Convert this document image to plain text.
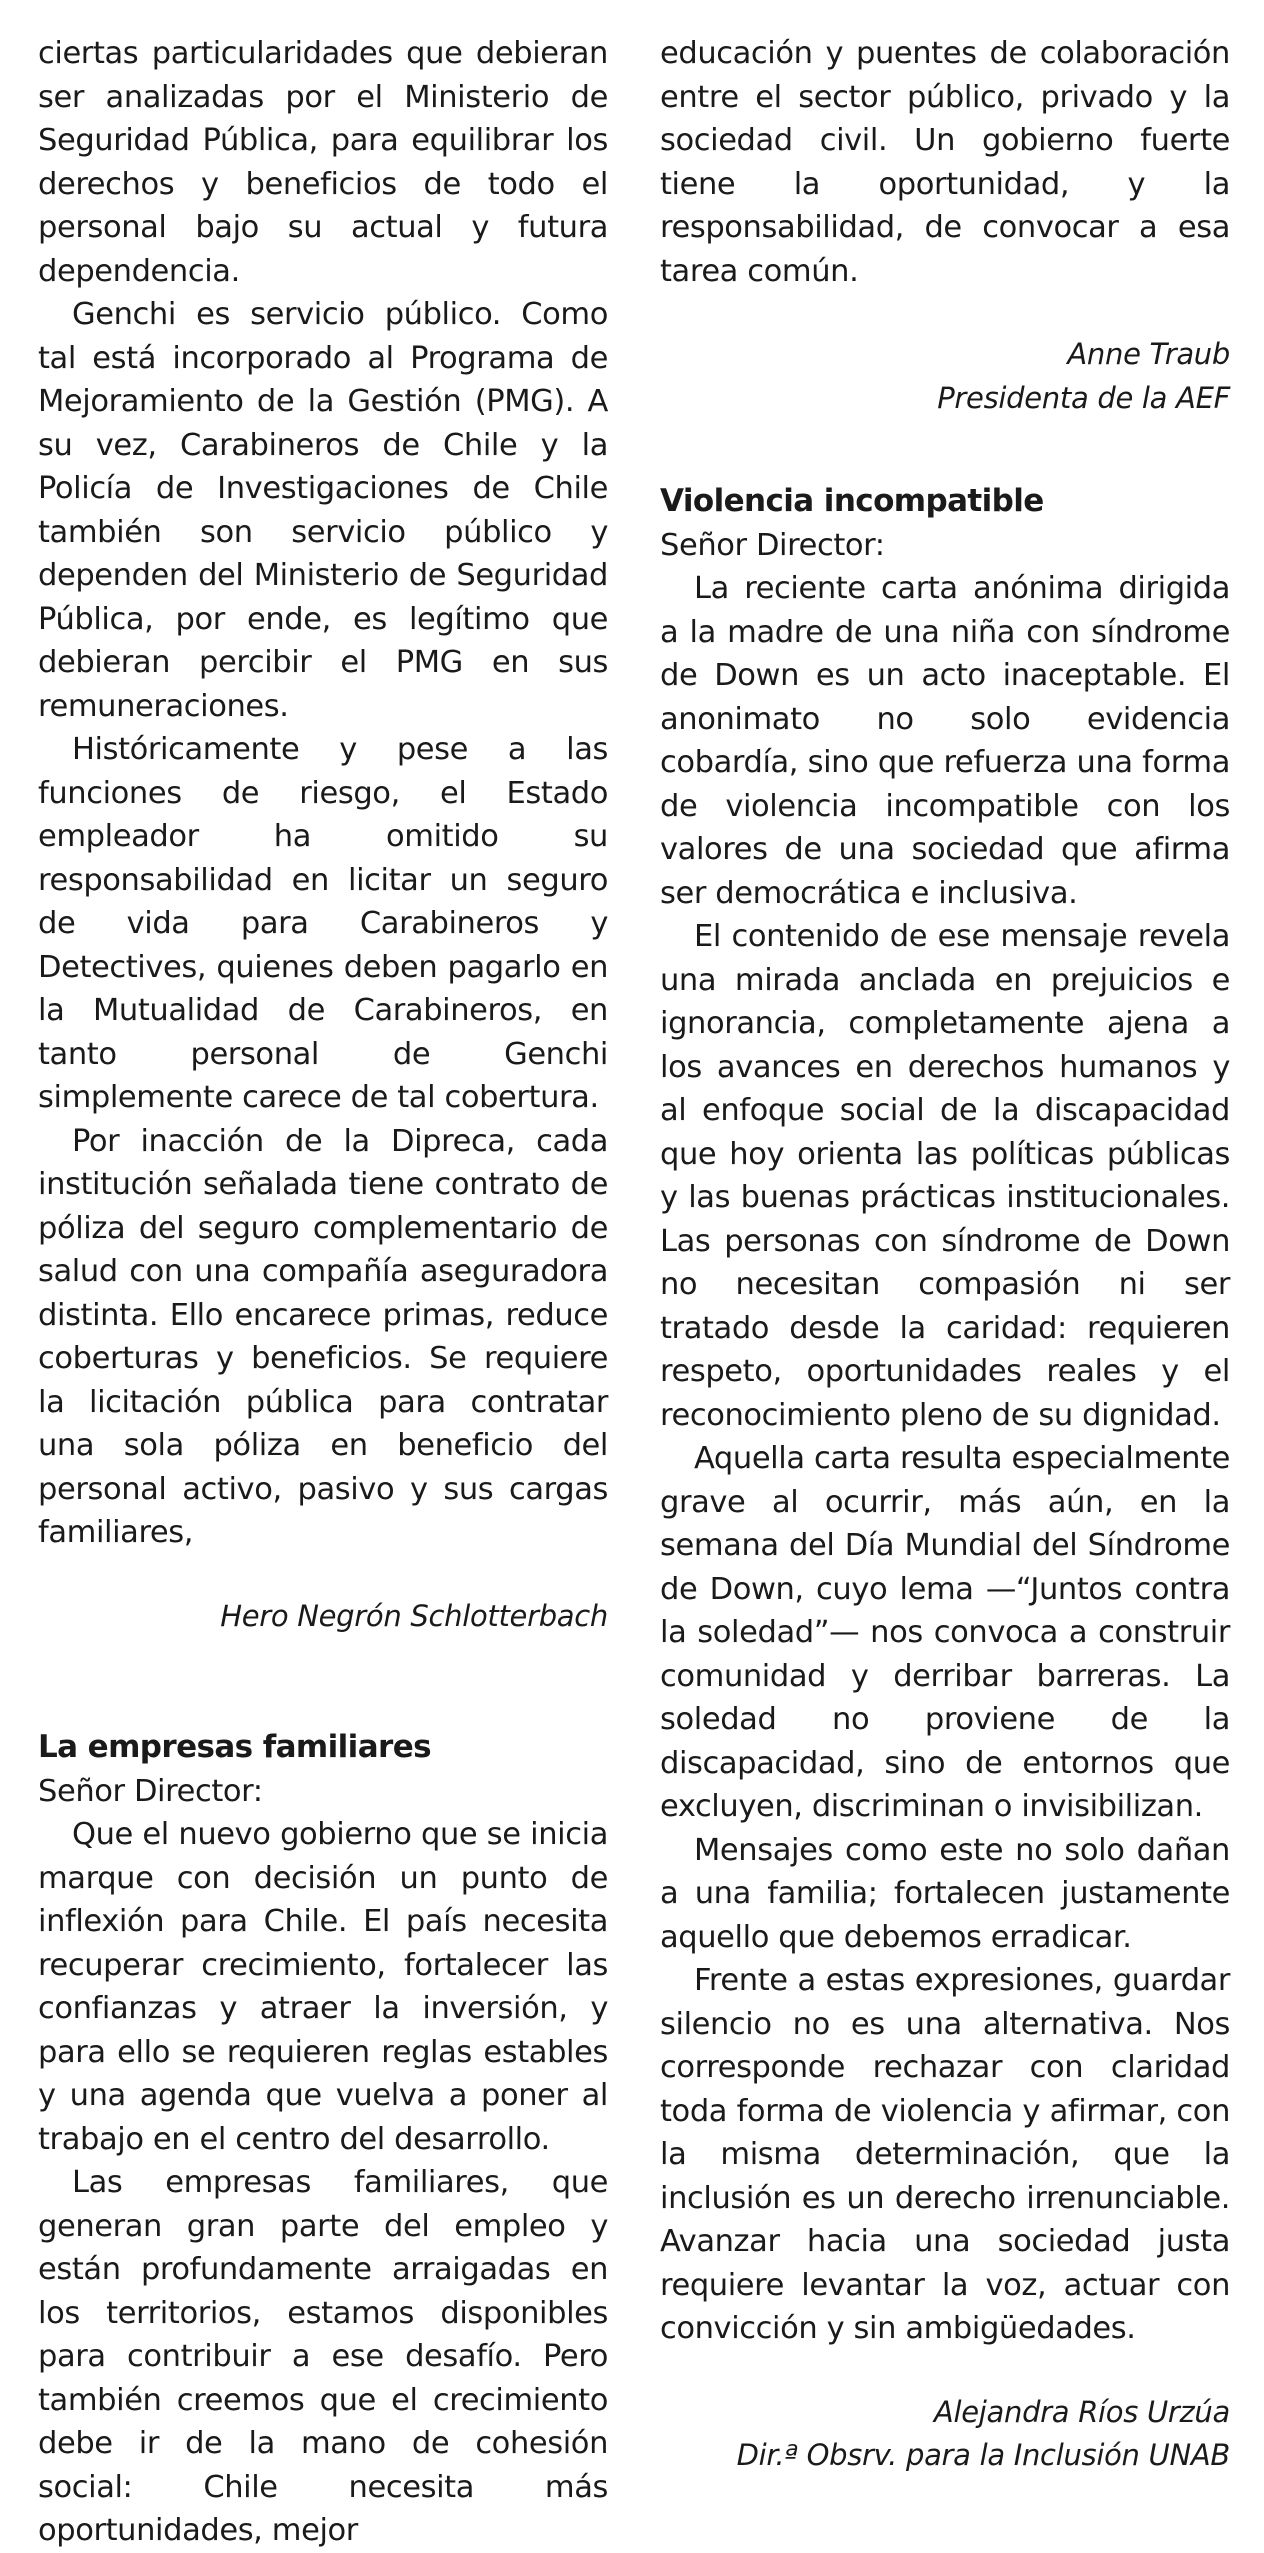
ciertas particularidades que debieran ser analizadas por el Ministerio de Seguridad Pública, para equilibrar los derechos y beneficios de todo el personal bajo su actual y futura dependencia.

Genchi es servicio público. Como tal está incorporado al Programa de Mejoramiento de la Gestión (PMG). A su vez, Carabineros de Chile y la Policía de Investigaciones de Chile también son servicio público y dependen del Ministerio de Seguridad Pública, por ende, es legítimo que debieran percibir el PMG en sus remuneraciones.

Históricamente y pese a las funciones de riesgo, el Estado empleador ha omitido su responsabilidad en licitar un seguro de vida para Carabineros y Detectives, quienes deben pagarlo en la Mutualidad de Carabineros, en tanto personal de Genchi simplemente carece de tal cobertura.

Por inacción de la Dipreca, cada institución señalada tiene contrato de póliza del seguro complementario de salud con una compañía aseguradora distinta. Ello encarece primas, reduce coberturas y beneficios. Se requiere la licitación pública para contratar una sola póliza en beneficio del personal activo, pasivo y sus cargas familiares,

Hero Negrón Schlotterbach

La empresas familiares

Señor Director:

Que el nuevo gobierno que se inicia marque con decisión un punto de inflexión para Chile. El país necesita recuperar crecimiento, fortalecer las confianzas y atraer la inversión, y para ello se requieren reglas estables y una agenda que vuelva a poner al trabajo en el centro del desarrollo.

Las empresas familiares, que generan gran parte del empleo y están profundamente arraigadas en los territorios, estamos disponibles para contribuir a ese desafío. Pero también creemos que el crecimiento debe ir de la mano de cohesión social: Chile necesita más oportunidades, mejor

educación y puentes de colaboración entre el sector público, privado y la sociedad civil. Un gobierno fuerte tiene la oportunidad, y la responsabilidad, de convocar a esa tarea común.

Anne Traub

Presidenta de la AEF

Violencia incompatible

Señor Director:

La reciente carta anónima dirigida a la madre de una niña con síndrome de Down es un acto inaceptable. El anonimato no solo evidencia cobardía, sino que refuerza una forma de violencia incompatible con los valores de una sociedad que afirma ser democrática e inclusiva.

El contenido de ese mensaje revela una mirada anclada en prejuicios e ignorancia, completamente ajena a los avances en derechos humanos y al enfoque social de la discapacidad que hoy orienta las políticas públicas y las buenas prácticas institucionales. Las personas con síndrome de Down no necesitan compasión ni ser tratado desde la caridad: requieren respeto, oportunidades reales y el reconocimiento pleno de su dignidad.

Aquella carta resulta especialmente grave al ocurrir, más aún, en la semana del Día Mundial del Síndrome de Down, cuyo lema —“Juntos contra la soledad”— nos convoca a construir comunidad y derribar barreras. La soledad no proviene de la discapacidad, sino de entornos que excluyen, discriminan o invisibilizan.

Mensajes como este no solo dañan a una familia; fortalecen justamente aquello que debemos erradicar.

Frente a estas expresiones, guardar silencio no es una alternativa. Nos corresponde rechazar con claridad toda forma de violencia y afirmar, con la misma determinación, que la inclusión es un derecho irrenunciable. Avanzar hacia una sociedad justa requiere levantar la voz, actuar con convicción y sin ambigüedades.

Alejandra Ríos Urzúa

Dir.ª Obsrv. para la Inclusión UNAB
